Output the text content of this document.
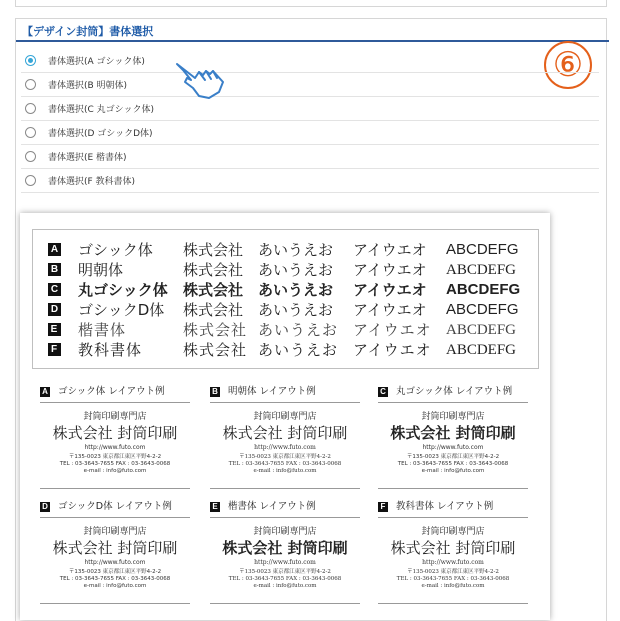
【デザイン封筒】書体選択
⑥
書体選択(A ゴシック体)
書体選択(B 明朝体)
書体選択(C 丸ゴシック体)
書体選択(D ゴシックD体)
書体選択(E 楷書体)
書体選択(F 教科書体)
A ゴシック体 株式会社 あいうえお アイウエオ ABCDEFG
B 明朝体	株式会社 あいうえお アイウエオ ABCDEFG
C 丸ゴシック体 株式会社 あいうえお アイウエオ ABCDEFG
D ゴシックD体 株式会社 あいうえお アイウエオ ABCDEFG
E 楷書体	株式会社 あいうえお アイウエオ ABCDEFG
F 教科書体	株式会社 あいうえお アイウエオ ABCDEFG
A ゴシック体 レイアウト例
封筒印刷専門店
株式会社 封筒印刷
http://www.futo.com
〒135-0023 東京都江東区平野4-2-2
TEL : 03-3643-7655 FAX : 03-3643-0068
e-mail : info@futo.com
B 明朝体 レイアウト例
封筒印刷専門店
株式会社 封筒印刷
http://www.futo.com
〒135-0023 東京都江東区平野4-2-2
TEL : 03-3643-7655 FAX : 03-3643-0068
e-mail : info@futo.com
C 丸ゴシック体 レイアウト例
封筒印刷専門店
株式会社 封筒印刷
http://www.futo.com
〒135-0023 東京都江東区平野4-2-2
TEL : 03-3643-7655 FAX : 03-3643-0068
e-mail : info@futo.com
D ゴシックD体 レイアウト例
封筒印刷専門店
株式会社 封筒印刷
http://www.futo.com
〒135-0023 東京都江東区平野4-2-2
TEL : 03-3643-7655 FAX : 03-3643-0068
e-mail : info@futo.com
E 楷書体 レイアウト例
封筒印刷専門店
株式会社 封筒印刷
http://www.futo.com
〒135-0023 東京都江東区平野4-2-2
TEL : 03-3643-7655 FAX : 03-3643-0068
e-mail : info@futo.com
F 教科書体 レイアウト例
封筒印刷専門店
株式会社 封筒印刷
http://www.futo.com
〒135-0023 東京都江東区平野4-2-2
TEL : 03-3643-7655 FAX : 03-3643-0068
e-mail : info@futo.com
